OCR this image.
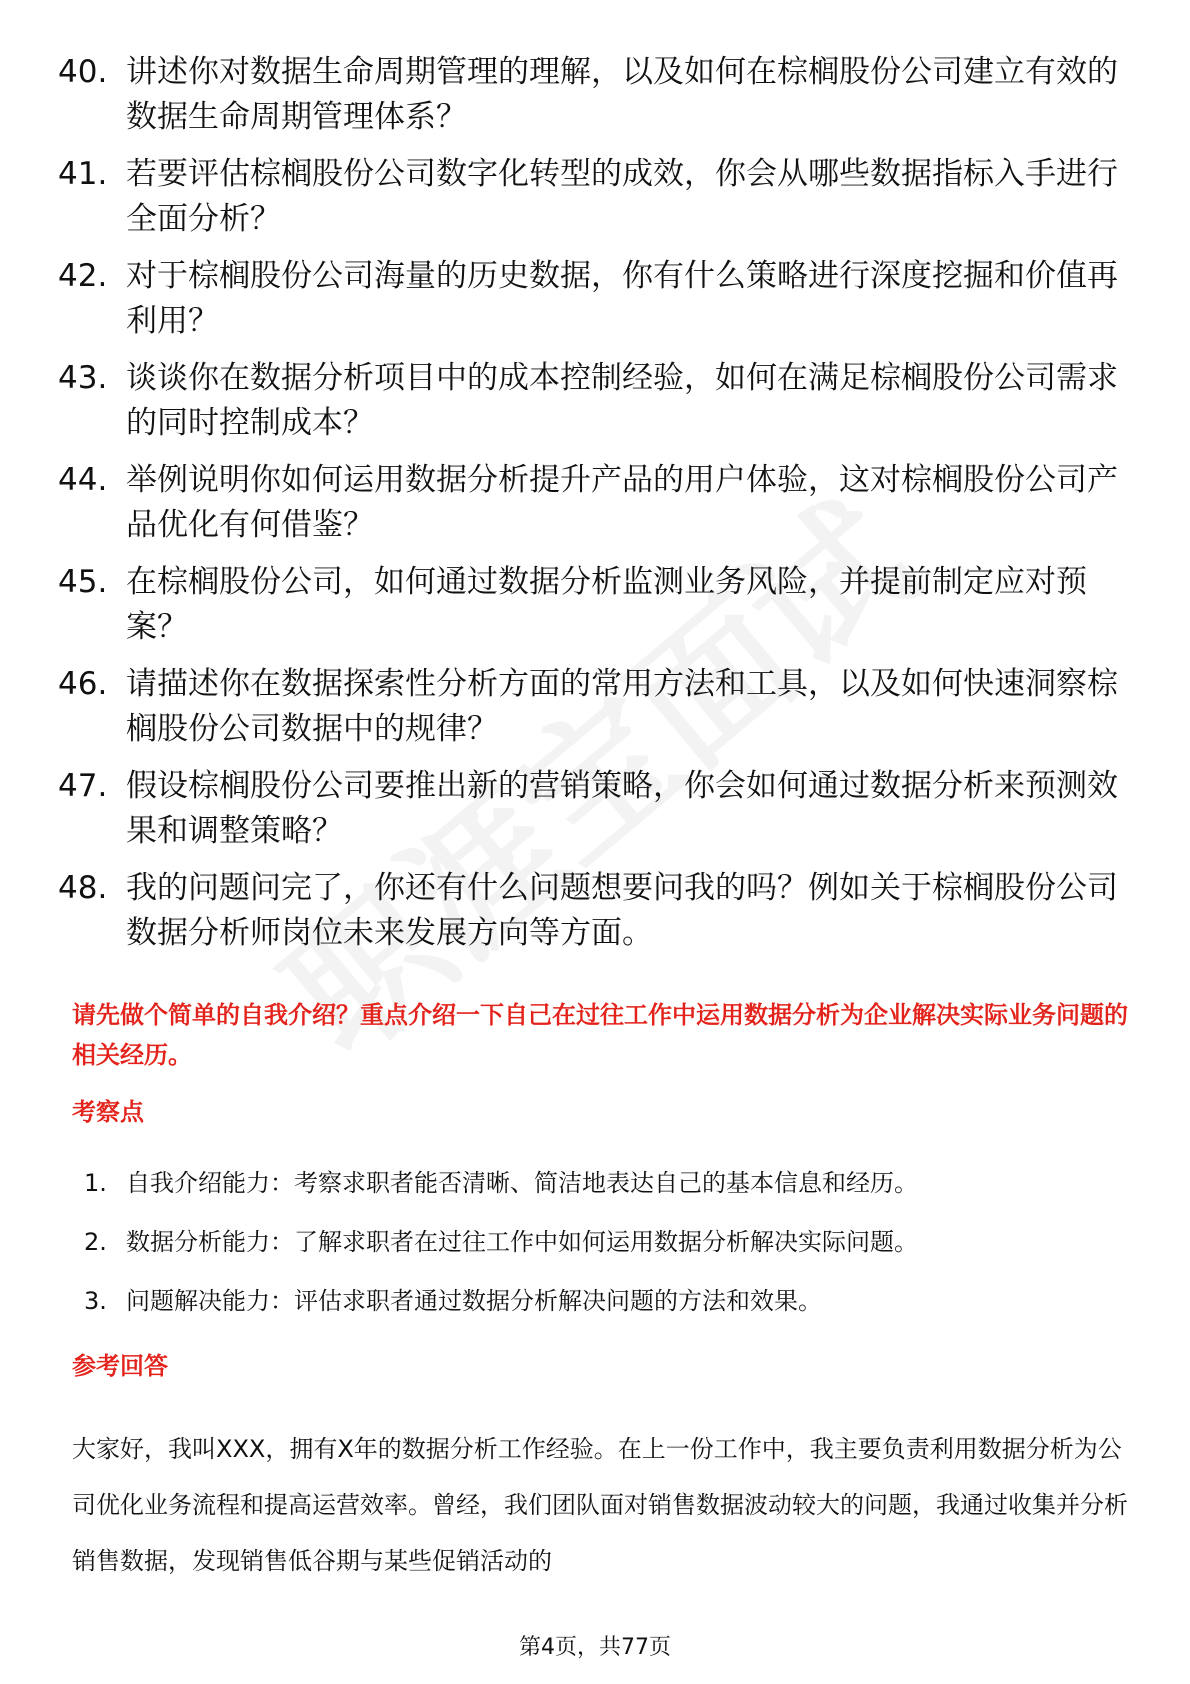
40. 讲述你对数据生命周期管理的理解，以及如何在棕榈股份公司建立有效的数据生命周期管理体系？
41. 若要评估棕榈股份公司数字化转型的成效，你会从哪些数据指标入手进行全面分析？
42. 对于棕榈股份公司海量的历史数据，你有什么策略进行深度挖掘和价值再利用？
43. 谈谈你在数据分析项目中的成本控制经验，如何在满足棕榈股份公司需求的同时控制成本？
44. 举例说明你如何运用数据分析提升产品的用户体验，这对棕榈股份公司产品优化有何借鉴？
45. 在棕榈股份公司，如何通过数据分析监测业务风险，并提前制定应对预案？
46. 请描述你在数据探索性分析方面的常用方法和工具，以及如何快速洞察棕榈股份公司数据中的规律？
47. 假设棕榈股份公司要推出新的营销策略，你会如何通过数据分析来预测效果和调整策略？
48. 我的问题问完了，你还有什么问题想要问我的吗？例如关于棕榈股份公司数据分析师岗位未来发展方向等方面。
请先做个简单的自我介绍？重点介绍一下自己在过往工作中运用数据分析为企业解决实际业务问题的相关经历。
考察点
1. 自我介绍能力：考察求职者能否清晰、简洁地表达自己的基本信息和经历。
2. 数据分析能力：了解求职者在过往工作中如何运用数据分析解决实际问题。
3. 问题解决能力：评估求职者通过数据分析解决问题的方法和效果。
参考回答
大家好，我叫XXX，拥有X年的数据分析工作经验。在上一份工作中，我主要负责利用数据分析为公司优化业务流程和提高运营效率。曾经，我们团队面对销售数据波动较大的问题，我通过收集并分析销售数据，发现销售低谷期与某些促销活动的
第4页，共77页
